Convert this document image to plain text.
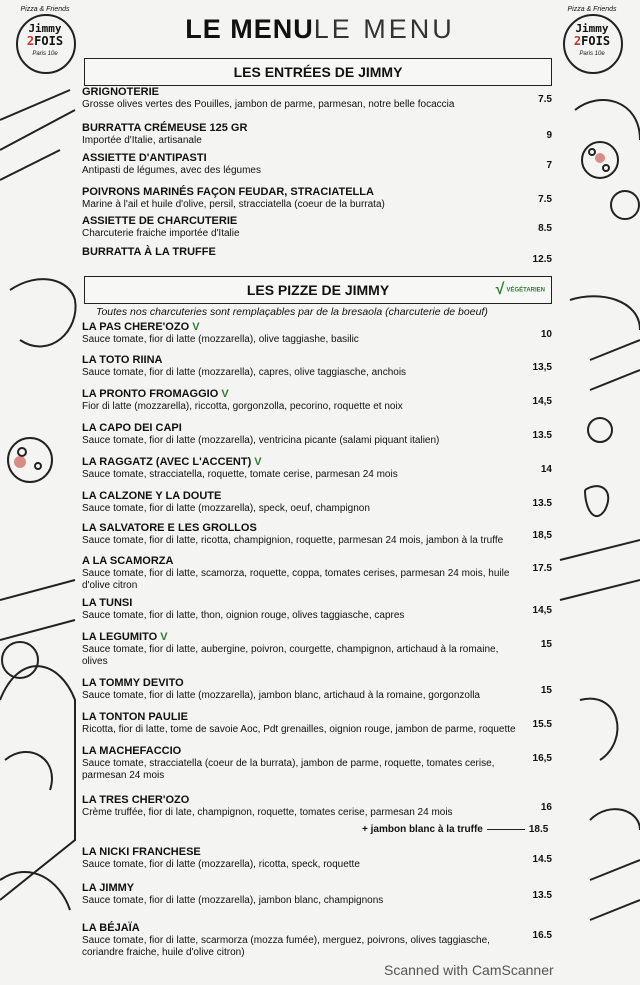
Pizza & Friends
Jimmy
2FOIS
Paris 10e
Pizza & Friends
Jimmy
2FOIS
Paris 10e
LE MENULE MENU
LES ENTRÉES DE JIMMY
GRIGNOTERIE
Grosse olives vertes des Pouilles, jambon de parme, parmesan, notre belle focaccia	7.5
BURRATTA CRÉMEUSE 125 GR
Importée d'Italie, artisanale	9
ASSIETTE D'ANTIPASTI
Antipasti de légumes, avec des légumes	7
POIVRONS MARINÉS FAÇON FEUDAR, STRACIATELLA
Marine à l'ail et huile d'olive, persil, stracciatella (coeur de la burrata)	7.5
ASSIETTE DE CHARCUTERIE
Charcuterie fraiche importée d'Italie	8.5
BURRATTA À LA TRUFFE
12.5
LES PIZZE DE JIMMY	√ VÉGÉTARIEN
Toutes nos charcuteries sont remplaçables par de la bresaola (charcuterie de boeuf)
LA PAS CHERE'OZO V
Sauce tomate, fior di latte (mozzarella), olive taggiashe, basilic	10
LA TOTO RIINA
Sauce tomate, fior di latte (mozzarella), capres, olive taggiasche, anchois	13,5
LA PRONTO FROMAGGIO V
Fior di latte (mozzarella), riccotta, gorgonzolla, pecorino, roquette et noix	14,5
LA CAPO DEI CAPI
Sauce tomate, fior di latte (mozzarella), ventricina picante (salami piquant italien)	13.5
LA RAGGATZ (AVEC L'ACCENT) V
Sauce tomate, stracciatella, roquette, tomate cerise, parmesan 24 mois	14
LA CALZONE Y LA DOUTE
Sauce tomate, fior di latte (mozzarella), speck, oeuf, champignon	13.5
LA SALVATORE E LES GROLLOS
Sauce tomate, fior di latte, ricotta, champignion, roquette, parmesan 24 mois, jambon à la truffe	18,5
A LA SCAMORZA
Sauce tomate, fior di latte, scamorza, roquette, coppa, tomates cerises, parmesan 24 mois, huile d'olive citron
17.5
LA TUNSI
Sauce tomate, fior di latte, thon, oignion rouge, olives taggiasche, capres	14,5
LA LEGUMITO V
Sauce tomate, fior di latte, aubergine, poivron, courgette, champignon, artichaud à la romaine, olives
15
LA TOMMY DEVITO
Sauce tomate, fior di latte (mozzarella), jambon blanc, artichaud à la romaine, gorgonzolla	15
LA TONTON PAULIE
Ricotta, fior di latte, tome de savoie Aoc, Pdt grenailles, oignion rouge, jambon de parme, roquette	15.5
LA MACHEFACCIO
Sauce tomate, stracciatella (coeur de la burrata), jambon de parme, roquette, tomates cerise, parmesan 24 mois
16,5
LA TRES CHER'OZO
Crème truffée, fior di late, champignon, roquette, tomates cerise, parmesan 24 mois	16
LA NICKI FRANCHESE
Sauce tomate, fior di latte (mozzarella), ricotta, speck, roquette	14.5
LA JIMMY
Sauce tomate, fior di latte (mozzarella), jambon blanc, champignons	13.5
LA BÉJAÏA
Sauce tomate, fior di latte, scarmorza (mozza fumée), merguez, poivrons, olives taggiasche, coriandre fraiche, huile d'olive citron)
16.5
+ jambon blanc à la truffe	18.5
Scanned with CamScanner
